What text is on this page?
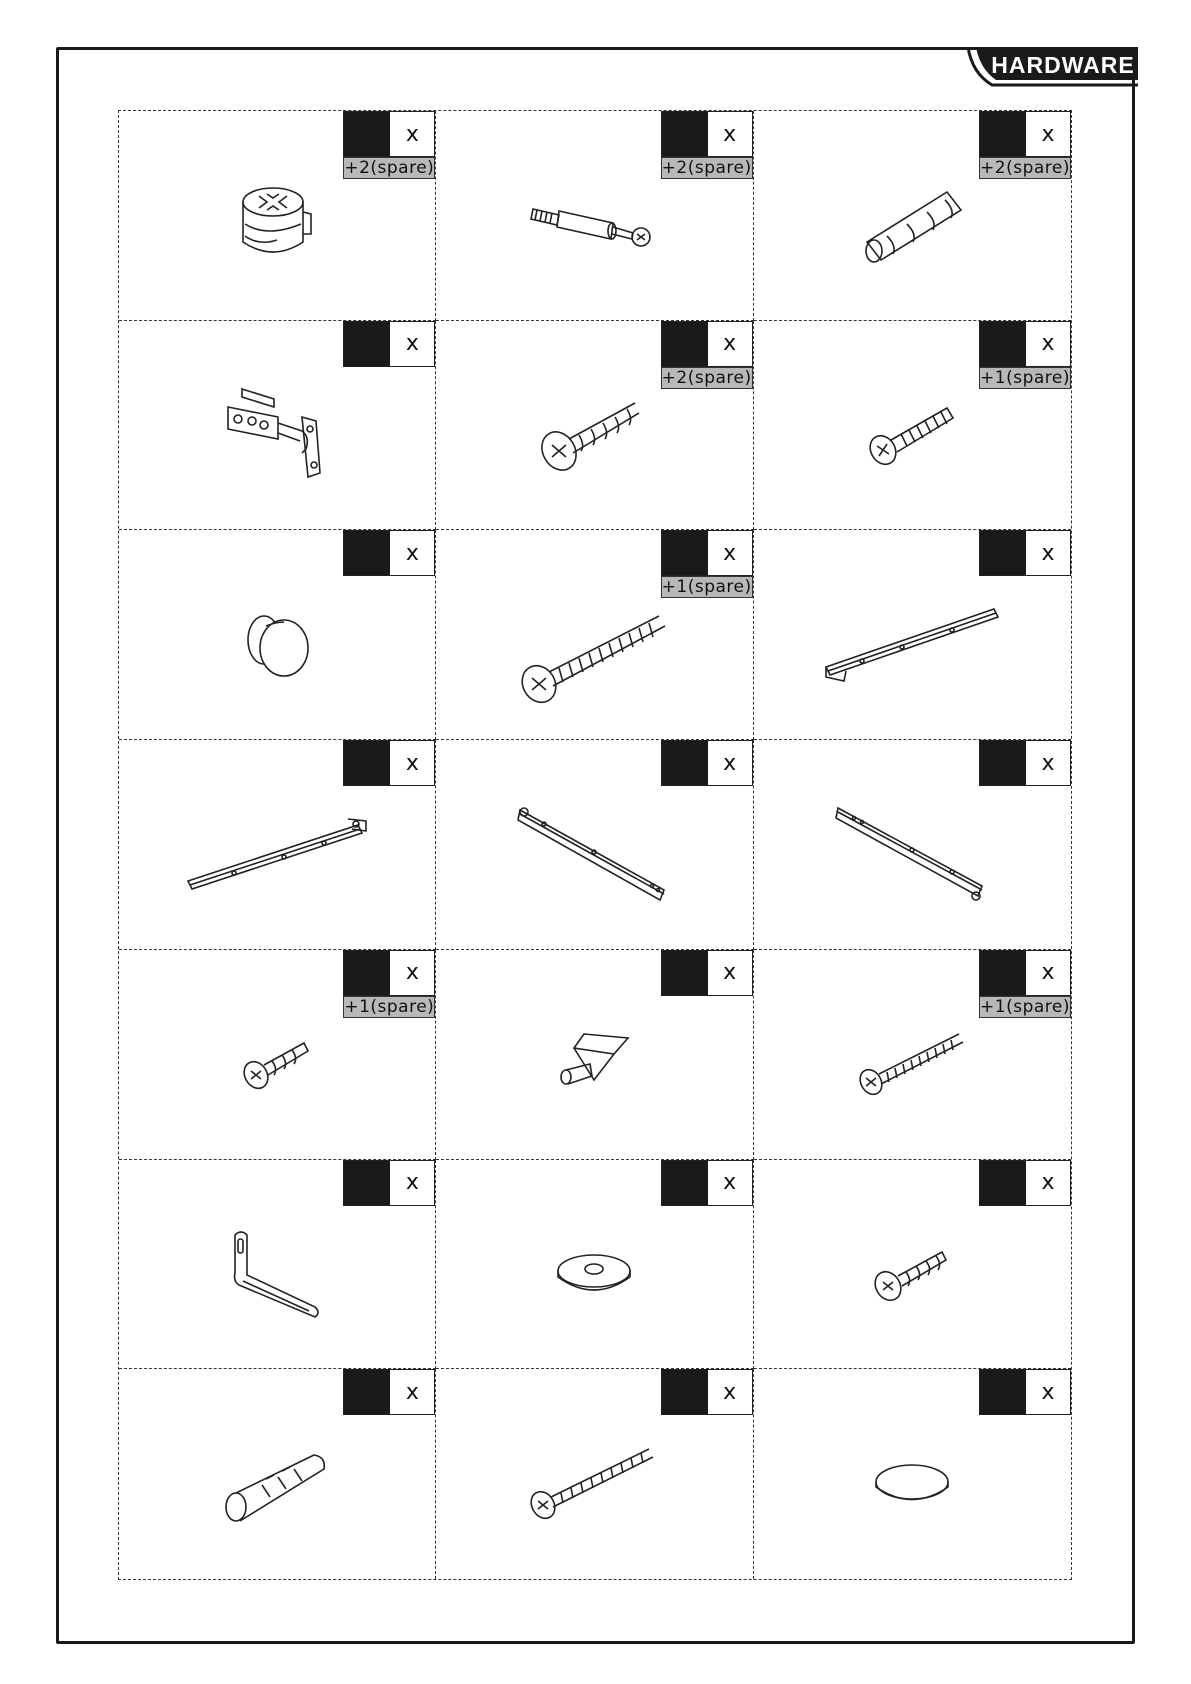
HARDWARE
x
+2(spare)
x
+2(spare)
x
+2(spare)
x	x
+2(spare)
x
+1(spare)
x	x
+1(spare)
x
x	x	x
x
+1(spare)
x	x
+1(spare)
x	x	x
x	x	x
